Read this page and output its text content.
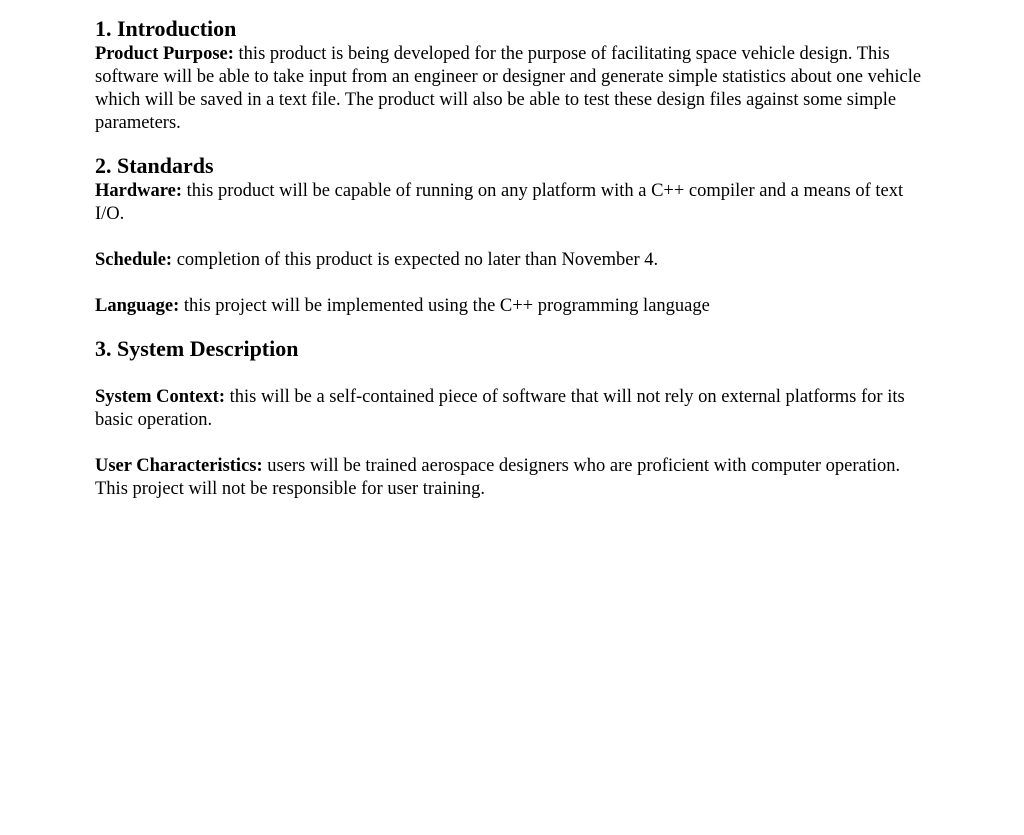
1. Introduction

Product Purpose: this product is being developed for the purpose of facilitating space vehicle design. This software will be able to take input from an engineer or designer and generate simple statistics about one vehicle which will be saved in a text file. The product will also be able to test these design files against some simple parameters.

2. Standards

Hardware: this product will be capable of running on any platform with a C++ compiler and a means of text I/O.

Schedule: completion of this product is expected no later than November 4.

Language: this project will be implemented using the C++ programming language

3. System Description

System Context: this will be a self-contained piece of software that will not rely on external platforms for its basic operation.

User Characteristics: users will be trained aerospace designers who are proficient with computer operation. This project will not be responsible for user training.
